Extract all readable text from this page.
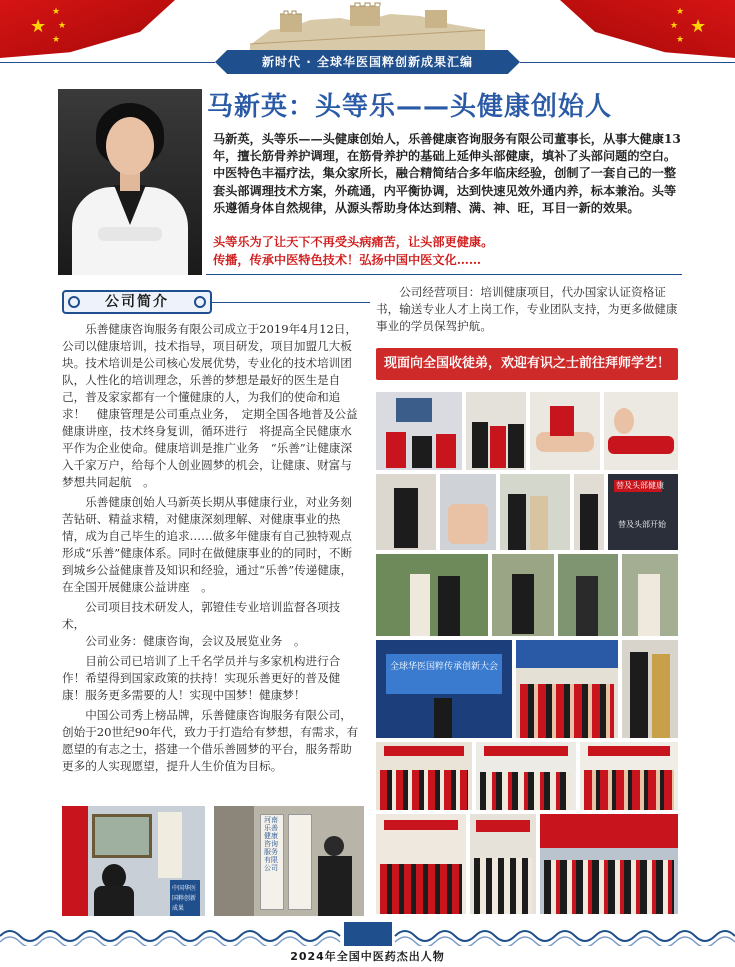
★
★
★
★
★
★
★
★
新时代 · 全球华医国粹创新成果汇编
马新英：头等乐——头健康创始人
马新英，头等乐——头健康创始人，乐善健康咨询服务有限公司董事长，从事大健康13年，擅长筋骨养护调理，在筋骨养护的基础上延伸头部健康，填补了头部问题的空白。中医特色丰福疗法，集众家所长，融合精简结合多年临床经验，创制了一套自己的一整套头部调理技术方案，外疏通，内平衡协调，达到快速见效外通内养，标本兼治。头等乐遵循身体自然规律，从源头帮助身体达到精、满、神、旺，耳目一新的效果。
头等乐为了让天下不再受头病痛苦，让头部更健康。
传播，传承中医特色技术！弘扬中国中医文化……
公司简介

乐善健康咨询服务有限公司成立于2019年4月12日，公司以健康培训，技术指导，项目研发，项目加盟几大板块。技术培训是公司核心发展优势，专业化的技术培训团队，人性化的培训理念，乐善的梦想是最好的医生是自己，普及家家都有一个懂健康的人，为我们的使命和追求！　健康管理是公司重点业务，　定期全国各地普及公益健康讲座，技术终身复训，循环进行　将提高全民健康水平作为企业使命。健康培训是推广业务　“乐善”让健康深入千家万户，给每个人创业圆梦的机会，让健康、财富与梦想共同起航　。

乐善健康创始人马新英长期从事健康行业，对业务刻苦钻研、精益求精，对健康深刻理解、对健康事业的热情，成为自己毕生的追求……做多年健康有自己独特观点形成“乐善”健康体系。同时在做健康事业的的同时，不断到城乡公益健康普及知识和经验，通过“乐善”传递健康，在全国开展健康公益讲座　。

公司项目技术研发人，郭镫佳专业培训监督各项技术，

公司业务：健康咨询，会议及展览业务　。

目前公司已培训了上千名学员并与多家机构进行合作！希望得到国家政策的扶持！实现乐善更好的普及健康！服务更多需要的人！实现中国梦！健康梦！

中国公司秀上榜品牌，乐善健康咨询服务有限公司，创始于20世纪90年代，致力于打造给有梦想，有需求，有愿望的有志之士，搭建一个借乐善圆梦的平台，服务帮助更多的人实现愿望，提升人生价值为目标。

中国华医国粹创新成果
河南乐善健康咨询服务有限公司
公司经营项目：培训健康项目，代办国家认证资格证书，输送专业人才上岗工作，专业团队支持，为更多做健康事业的学员保驾护航。
现面向全国收徒弟，欢迎有识之士前往拜师学艺！
替及头部健康
替及头部开始
全球华医国粹传承创新大会
2024年全国中医药杰出人物
